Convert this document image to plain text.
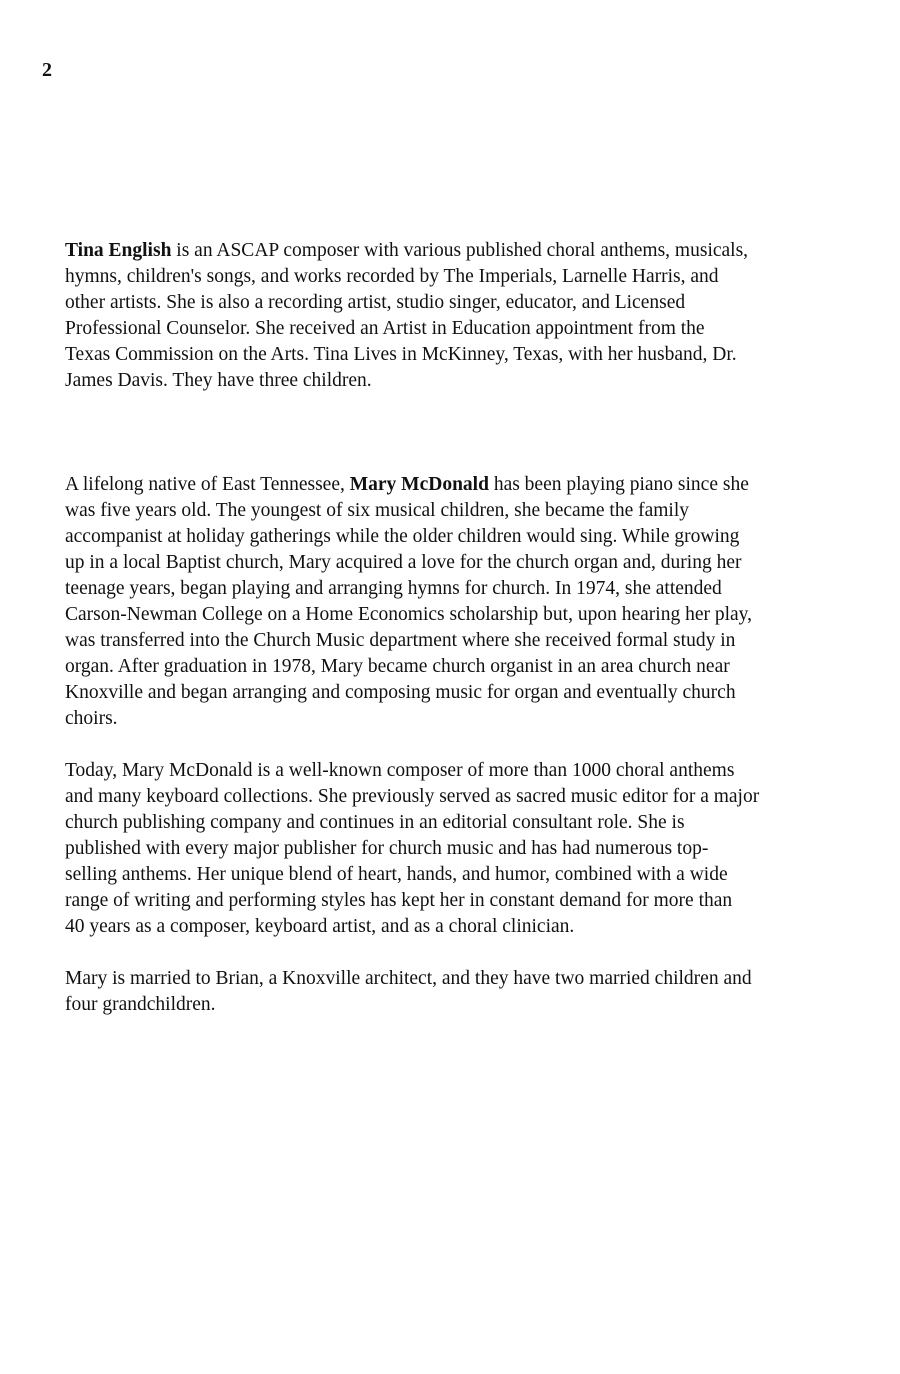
2

Tina English is an ASCAP composer with various published choral anthems, musicals,
hymns, children's songs, and works recorded by The Imperials, Larnelle Harris, and
other artists. She is also a recording artist, studio singer, educator, and Licensed
Professional Counselor. She received an Artist in Education appointment from the
Texas Commission on the Arts. Tina Lives in McKinney, Texas, with her husband, Dr.
James Davis. They have three children.

A lifelong native of East Tennessee, Mary McDonald has been playing piano since she
was five years old. The youngest of six musical children, she became the family
accompanist at holiday gatherings while the older children would sing. While growing
up in a local Baptist church, Mary acquired a love for the church organ and, during her
teenage years, began playing and arranging hymns for church. In 1974, she attended
Carson-Newman College on a Home Economics scholarship but, upon hearing her play,
was transferred into the Church Music department where she received formal study in
organ. After graduation in 1978, Mary became church organist in an area church near
Knoxville and began arranging and composing music for organ and eventually church
choirs.

Today, Mary McDonald is a well-known composer of more than 1000 choral anthems
and many keyboard collections. She previously served as sacred music editor for a major
church publishing company and continues in an editorial consultant role. She is
published with every major publisher for church music and has had numerous top-
selling anthems. Her unique blend of heart, hands, and humor, combined with a wide
range of writing and performing styles has kept her in constant demand for more than
40 years as a composer, keyboard artist, and as a choral clinician.

Mary is married to Brian, a Knoxville architect, and they have two married children and
four grandchildren.
